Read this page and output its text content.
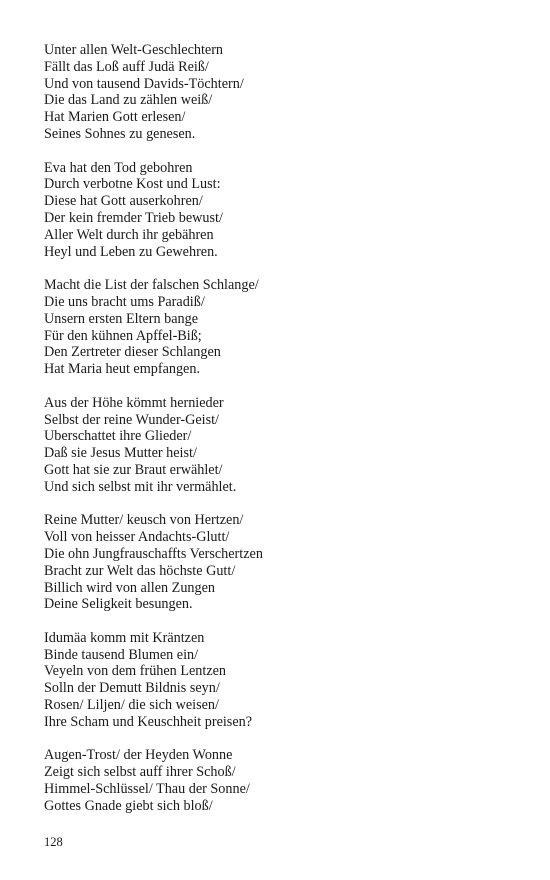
Unter allen Welt-Geschlechtern
Fällt das Loß auff Judä Reiß/
Und von tausend Davids-Töchtern/
Die das Land zu zählen weiß/
Hat Marien Gott erlesen/
Seines Sohnes zu genesen.
Eva hat den Tod gebohren
Durch verbotne Kost und Lust:
Diese hat Gott auserkohren/
Der kein fremder Trieb bewust/
Aller Welt durch ihr gebähren
Heyl und Leben zu Gewehren.
Macht die List der falschen Schlange/
Die uns bracht ums Paradiß/
Unsern ersten Eltern bange
Für den kühnen Apffel-Biß;
Den Zertreter dieser Schlangen
Hat Maria heut empfangen.
Aus der Höhe kömmt hernieder
Selbst der reine Wunder-Geist/
Uberschattet ihre Glieder/
Daß sie Jesus Mutter heist/
Gott hat sie zur Braut erwählet/
Und sich selbst mit ihr vermählet.
Reine Mutter/ keusch von Hertzen/
Voll von heisser Andachts-Glutt/
Die ohn Jungfrauschaffts Verschertzen
Bracht zur Welt das höchste Gutt/
Billich wird von allen Zungen
Deine Seligkeit besungen.
Idumäa komm mit Kräntzen
Binde tausend Blumen ein/
Veyeln von dem frühen Lentzen
Solln der Demutt Bildnis seyn/
Rosen/ Liljen/ die sich weisen/
Ihre Scham und Keuschheit preisen?
Augen-Trost/ der Heyden Wonne
Zeigt sich selbst auff ihrer Schoß/
Himmel-Schlüssel/ Thau der Sonne/
Gottes Gnade giebt sich bloß/
128
